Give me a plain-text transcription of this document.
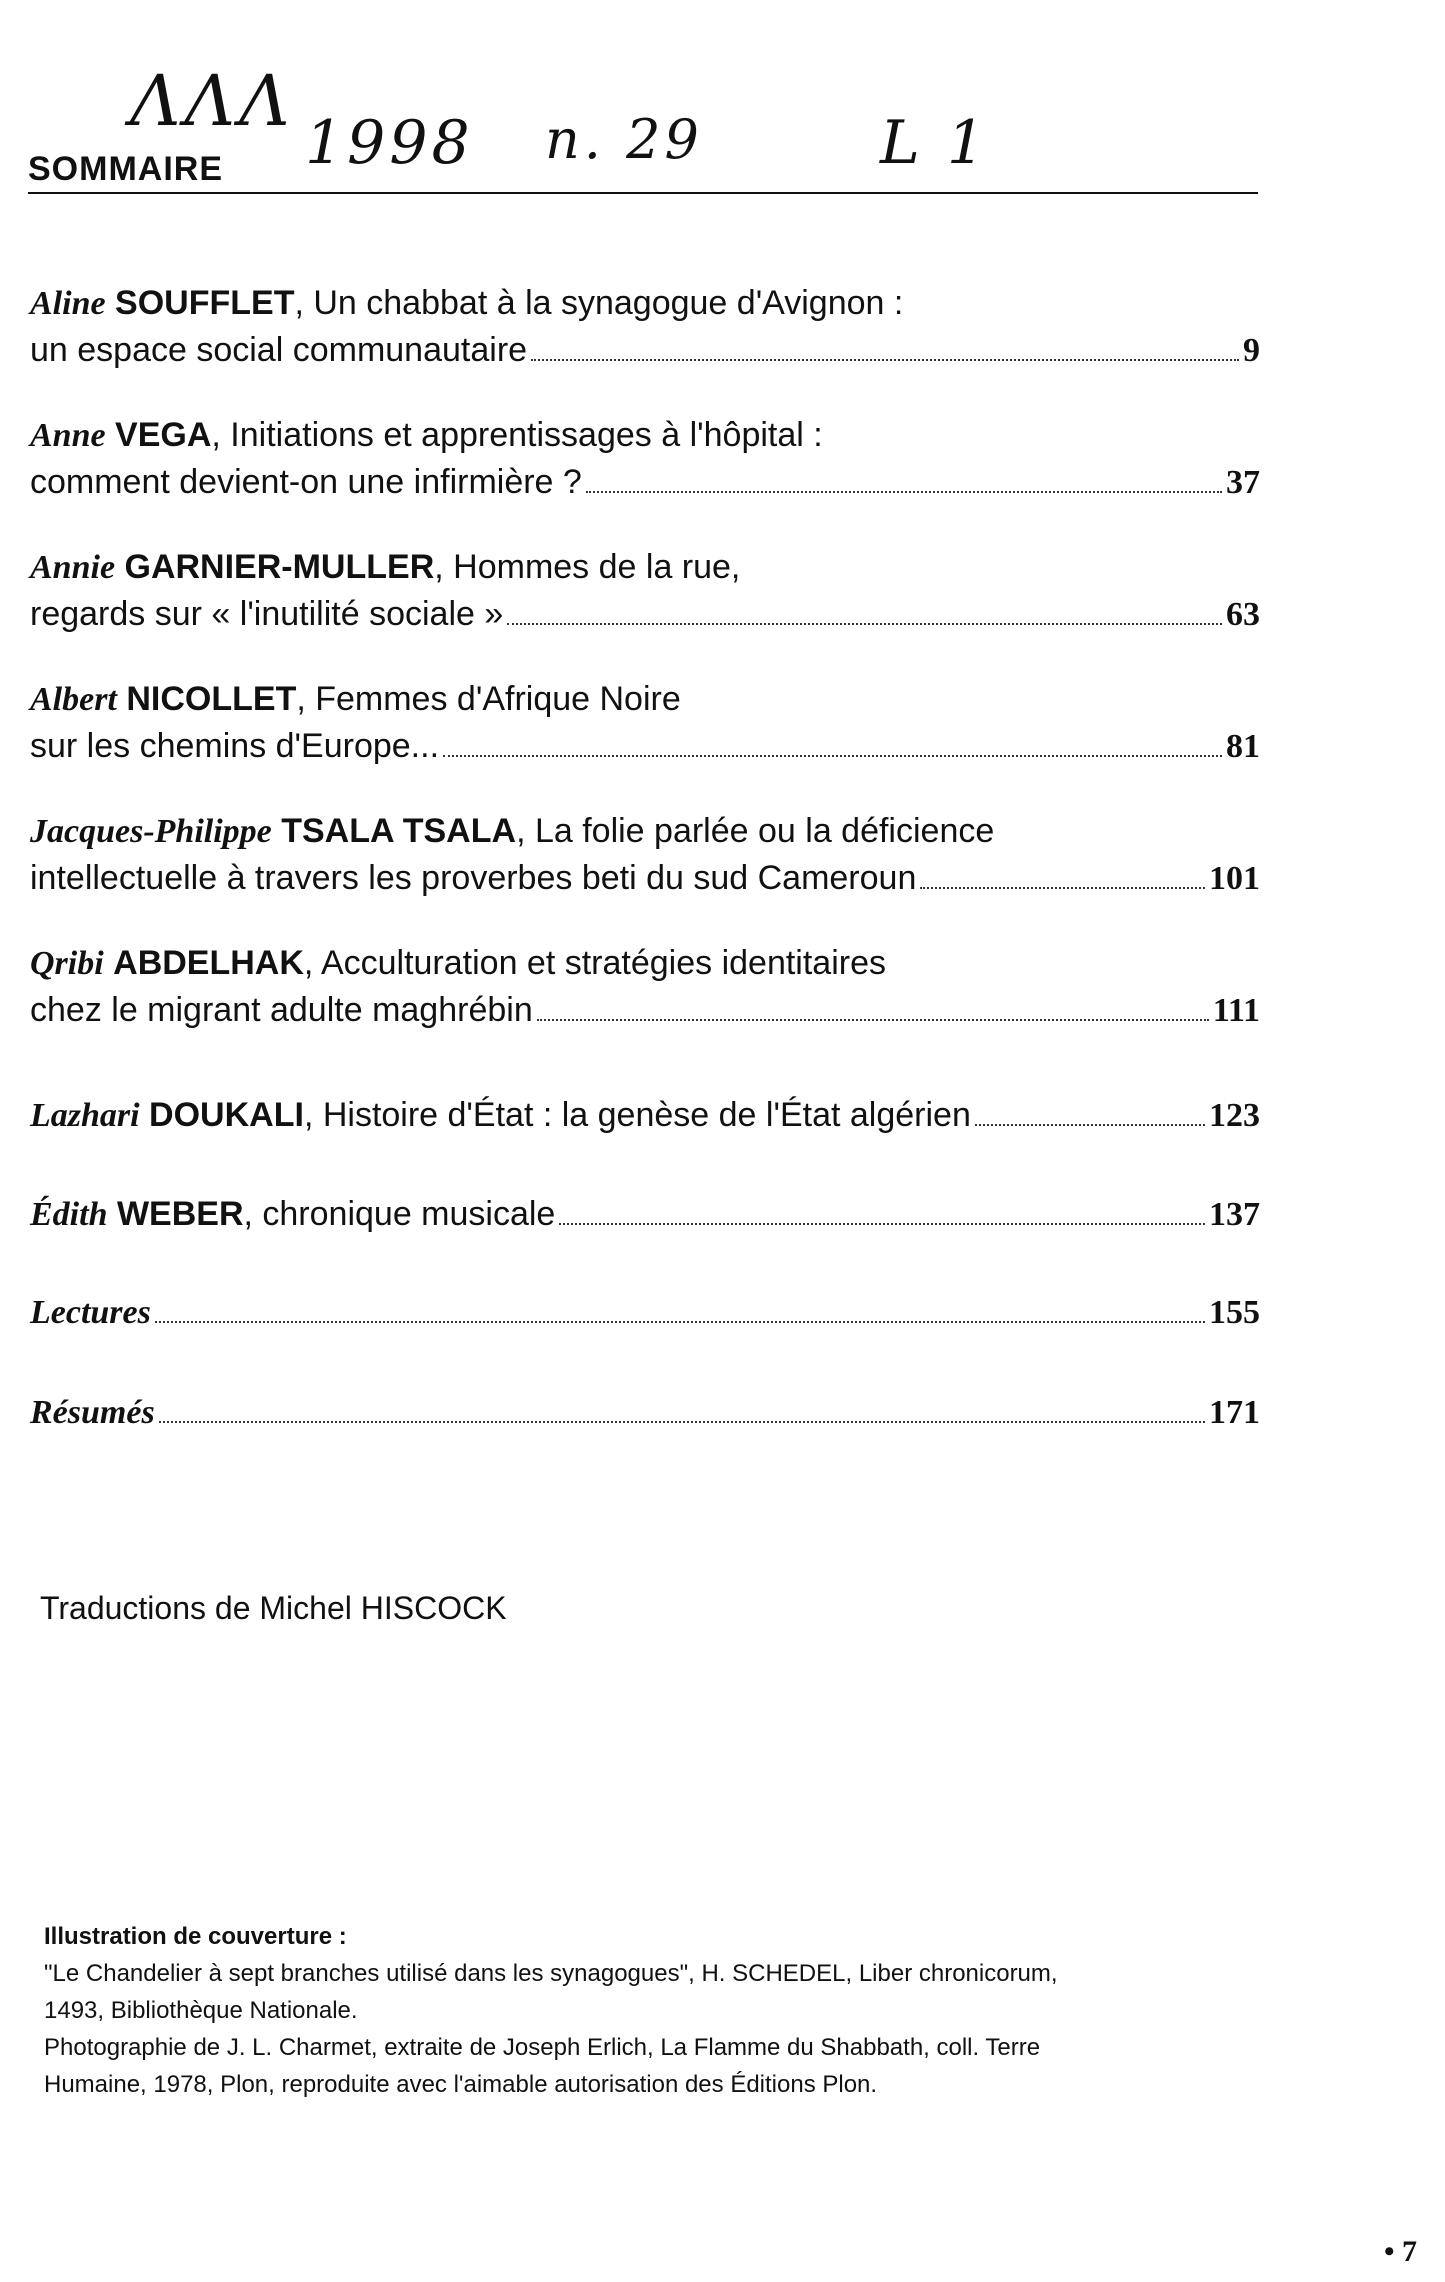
ΛΛΛ
1998 n. 29	L 1
SOMMAIRE
Aline SOUFFLET, Un chabbat à la synagogue d'Avignon :
un espace social communautaire	9
Anne VEGA, Initiations et apprentissages à l'hôpital :
comment devient-on une infirmière ?	37
Annie GARNIER-MULLER, Hommes de la rue,
regards sur « l'inutilité sociale »	63
Albert NICOLLET, Femmes d'Afrique Noire
sur les chemins d'Europe...	81
Jacques-Philippe TSALA TSALA, La folie parlée ou la déficience
intellectuelle à travers les proverbes beti du sud Cameroun	101
Qribi ABDELHAK, Acculturation et stratégies identitaires
chez le migrant adulte maghrébin	111
Lazhari
DOUKALI , Histoire d'État : la genèse de l'État algérien	123
Édith
WEBER , chronique musicale	137
Lectures	155
Résumés	171
Traductions de Michel HISCOCK
Illustration de couverture :
"Le Chandelier à sept branches utilisé dans les synagogues", H. SCHEDEL, Liber chronicorum,
1493, Bibliothèque Nationale.
Photographie de J. L. Charmet, extraite de Joseph Erlich, La Flamme du Shabbath, coll. Terre
Humaine, 1978, Plon, reproduite avec l'aimable autorisation des Éditions Plon.
• 7
